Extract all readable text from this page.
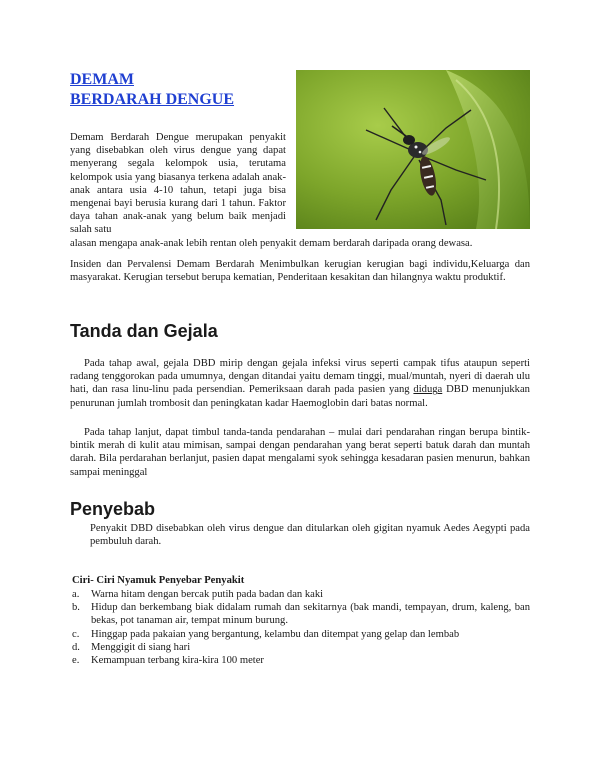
DEMAM
BERDARAH DENGUE
Demam Berdarah Dengue merupakan penyakit yang disebabkan oleh virus dengue yang dapat menyerang segala kelompok usia, terutama kelompok usia yang biasanya terkena adalah anak-anak antara usia 4-10 tahun, tetapi juga bisa mengenai bayi berusia kurang dari 1 tahun. Faktor daya tahan anak-anak yang belum baik menjadi salah satu
alasan mengapa anak-anak lebih rentan oleh penyakit demam berdarah daripada orang dewasa.
Insiden dan Pervalensi Demam Berdarah Menimbulkan kerugian kerugian bagi individu,Keluarga dan masyarakat. Kerugian tersebut berupa kematian, Penderitaan kesakitan dan hilangnya waktu produktif.
Tanda dan Gejala
Pada tahap awal, gejala DBD mirip dengan gejala infeksi virus seperti campak tifus ataupun seperti radang tenggorokan pada umumnya, dengan ditandai yaitu demam tinggi, mual/muntah, nyeri di daerah ulu hati, dan rasa linu-linu pada persendian. Pemeriksaan darah pada pasien yang diduga DBD menunjukkan penurunan jumlah trombosit dan peningkatan kadar Haemoglobin dari batas normal.
Pada tahap lanjut, dapat timbul tanda-tanda pendarahan – mulai dari pendarahan ringan berupa bintik-bintik merah di kulit atau mimisan, sampai dengan pendarahan yang berat seperti batuk darah dan muntah darah. Bila perdarahan berlanjut, pasien dapat mengalami syok sehingga kesadaran pasien menurun, bahkan sampai meninggal
Penyebab
Penyakit DBD disebabkan oleh virus dengue dan ditularkan oleh gigitan nyamuk Aedes Aegypti pada pembuluh darah.
Ciri- Ciri Nyamuk Penyebar Penyakit
a. Warna hitam dengan bercak putih pada badan dan kaki
b. Hidup dan berkembang biak didalam rumah dan sekitarnya (bak mandi, tempayan, drum, kaleng, ban bekas, pot tanaman air, tempat minum burung.
c. Hinggap pada pakaian yang bergantung, kelambu dan ditempat yang gelap dan lembab
d. Menggigit di siang hari
e. Kemampuan terbang kira-kira 100 meter
